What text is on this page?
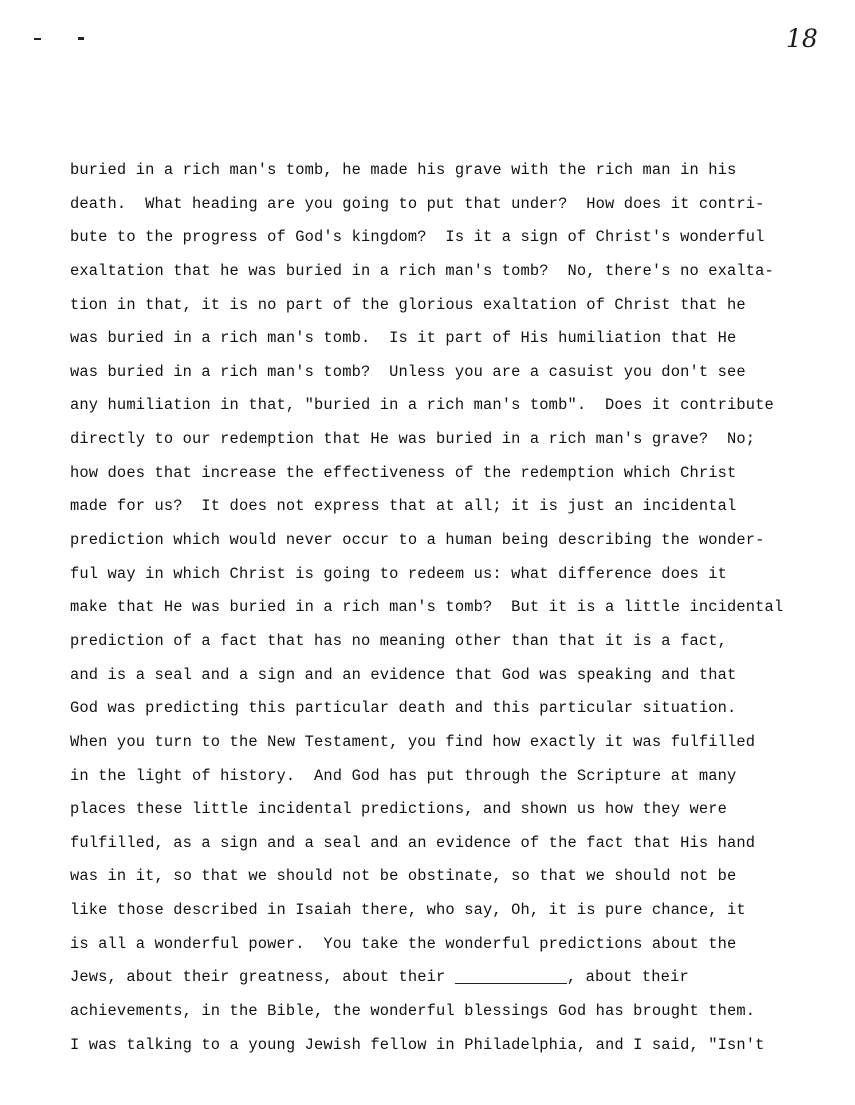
18
buried in a rich man's tomb, he made his grave with the rich man in his
death.  What heading are you going to put that under?  How does it contri-
bute to the progress of God's kingdom?  Is it a sign of Christ's wonderful
exaltation that he was buried in a rich man's tomb?  No, there's no exalta-
tion in that, it is no part of the glorious exaltation of Christ that he
was buried in a rich man's tomb.  Is it part of His humiliation that He
was buried in a rich man's tomb?  Unless you are a casuist you don't see
any humiliation in that, "buried in a rich man's tomb".  Does it contribute
directly to our redemption that He was buried in a rich man's grave?  No;
how does that increase the effectiveness of the redemption which Christ
made for us?  It does not express that at all; it is just an incidental
prediction which would never occur to a human being describing the wonder-
ful way in which Christ is going to redeem us: what difference does it
make that He was buried in a rich man's tomb?  But it is a little incidental
prediction of a fact that has no meaning other than that it is a fact,
and is a seal and a sign and an evidence that God was speaking and that
God was predicting this particular death and this particular situation.
When you turn to the New Testament, you find how exactly it was fulfilled
in the light of history.  And God has put through the Scripture at many
places these little incidental predictions, and shown us how they were
fulfilled, as a sign and a seal and an evidence of the fact that His hand
was in it, so that we should not be obstinate, so that we should not be
like those described in Isaiah there, who say, Oh, it is pure chance, it
is all a wonderful power.  You take the wonderful predictions about the
Jews, about their greatness, about their	, about their
achievements, in the Bible, the wonderful blessings God has brought them.
I was talking to a young Jewish fellow in Philadelphia, and I said, "Isn't
